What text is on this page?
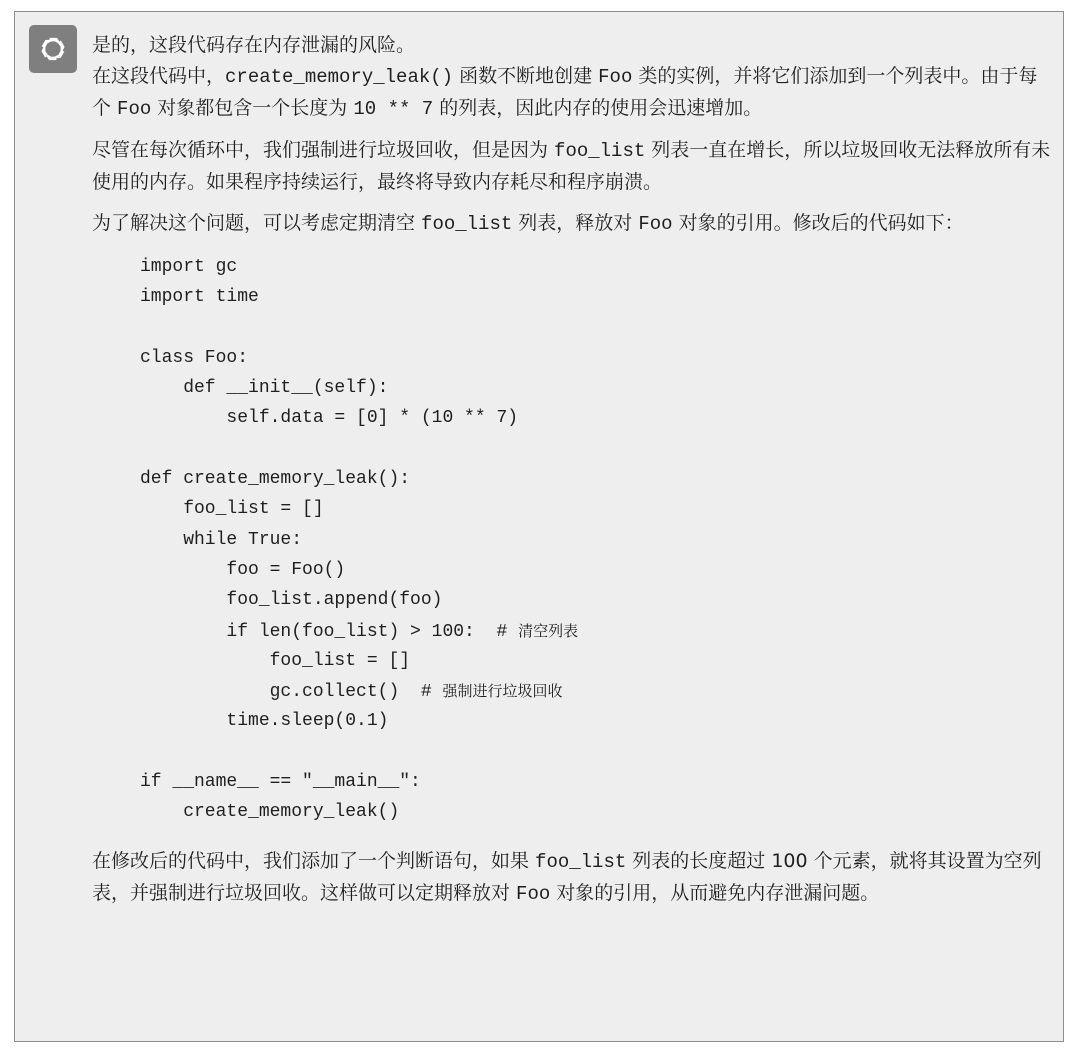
是的，这段代码存在内存泄漏的风险。

在这段代码中，create_memory_leak() 函数不断地创建 Foo 类的实例，并将它们添加到一个列表中。由于每个 Foo 对象都包含一个长度为 10 ** 7 的列表，因此内存的使用会迅速增加。

尽管在每次循环中，我们强制进行垃圾回收，但是因为 foo_list 列表一直在增长，所以垃圾回收无法释放所有未使用的内存。如果程序持续运行，最终将导致内存耗尽和程序崩溃。

为了解决这个问题，可以考虑定期清空 foo_list 列表，释放对 Foo 对象的引用。修改后的代码如下：

import gc
import time

class Foo:
def __init__(self):
self.data = [0] * (10 ** 7)

def create_memory_leak():
foo_list = []
while True:
foo = Foo()
foo_list.append(foo)
if len(foo_list) > 100:  # 清空列表
foo_list = []
gc.collect()  # 强制进行垃圾回收
time.sleep(0.1)

if __name__ == "__main__":
create_memory_leak()

在修改后的代码中，我们添加了一个判断语句，如果 foo_list 列表的长度超过 100 个元素，就将其设置为空列表，并强制进行垃圾回收。这样做可以定期释放对 Foo 对象的引用，从而避免内存泄漏问题。
